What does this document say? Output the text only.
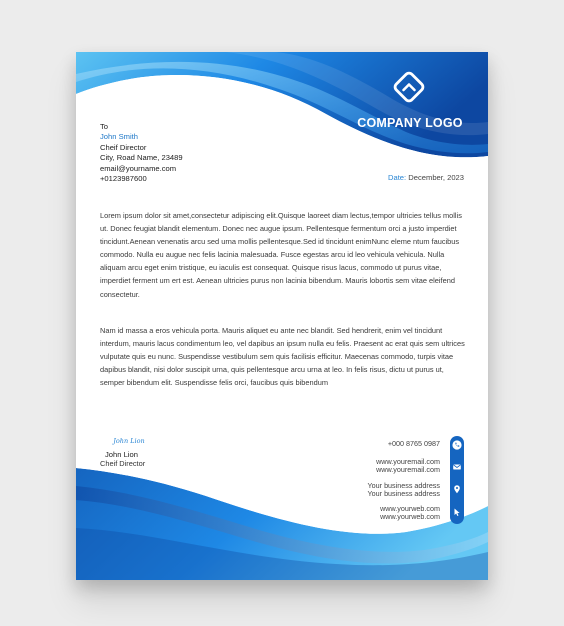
COMPANY LOGO
To
John Smith
Cheif Director
City, Road Name, 23489
email@yourname.com
+0123987600	Date: December, 2023
Lorem ipsum dolor sit amet,consectetur adipiscing elit.Quisque laoreet diam lectus,tempor ultricies tellus mollis ut. Donec feugiat blandit elementum. Donec nec augue ipsum. Pellentesque fermentum orci a justo imperdiet tincidunt.Aenean venenatis arcu sed urna mollis pellentesque.Sed id tincidunt enimNunc eleme ntum faucibus commodo. Nulla eu augue nec felis lacinia malesuada. Fusce egestas arcu id leo vehicula vehicula. Nulla aliquam arcu eget enim tristique, eu iaculis est consequat. Quisque risus lacus, commodo ut purus vitae, imperdiet ferment um ert est. Aenean ultricies purus non lacinia bibendum. Mauris lobortis sem vitae eleifend consectetur.
Nam id massa a eros vehicula porta. Mauris aliquet eu ante nec blandit. Sed hendrerit, enim vel tincidunt interdum, mauris lacus condimentum leo, vel dapibus an ipsum nulla eu felis. Praesent ac erat quis sem ultrices vulputate quis eu nunc. Suspendisse vestibulum sem quis facilisis efficitur. Maecenas commodo, turpis vitae dapibus blandit, nisi dolor suscipit urna, quis pellentesque arcu urna at leo. In felis risus, dictu ut purus ut, semper bibendum elit. Suspendisse felis orci, faucibus quis bibendum
John Lion
John Lion
Cheif Director
+000 8765 0987
www.youremail.com
www.youremail.com
Your business address
Your business address
www.yourweb.com
www.yourweb.com
